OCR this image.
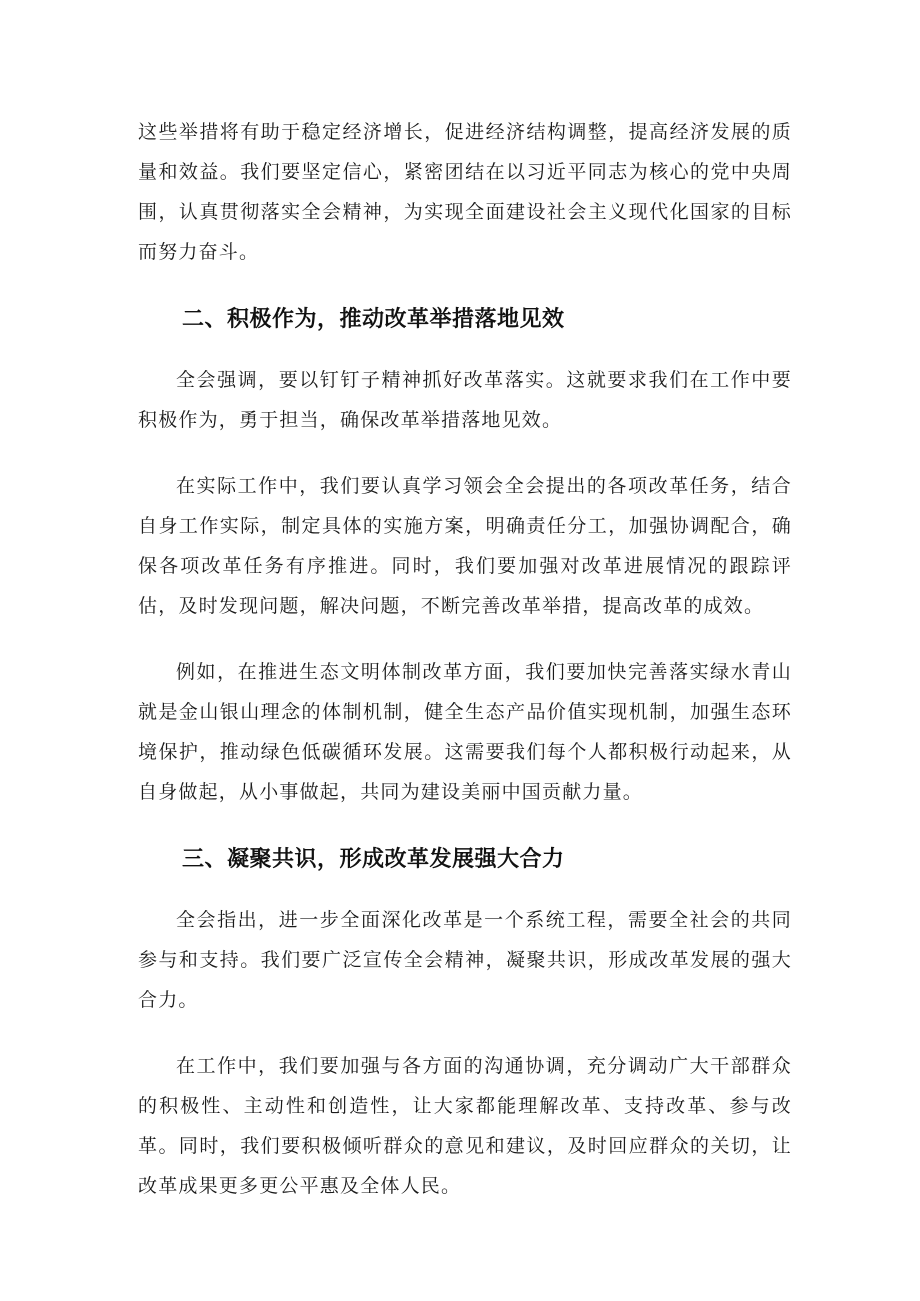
这些举措将有助于稳定经济增长，促进经济结构调整，提高经济发展的质量和效益。我们要坚定信心，紧密团结在以习近平同志为核心的党中央周围，认真贯彻落实全会精神，为实现全面建设社会主义现代化国家的目标而努力奋斗。

二、积极作为，推动改革举措落地见效

全会强调，要以钉钉子精神抓好改革落实。这就要求我们在工作中要积极作为，勇于担当，确保改革举措落地见效。

在实际工作中，我们要认真学习领会全会提出的各项改革任务，结合自身工作实际，制定具体的实施方案，明确责任分工，加强协调配合，确保各项改革任务有序推进。同时，我们要加强对改革进展情况的跟踪评估，及时发现问题，解决问题，不断完善改革举措，提高改革的成效。

例如，在推进生态文明体制改革方面，我们要加快完善落实绿水青山就是金山银山理念的体制机制，健全生态产品价值实现机制，加强生态环境保护，推动绿色低碳循环发展。这需要我们每个人都积极行动起来，从自身做起，从小事做起，共同为建设美丽中国贡献力量。

三、凝聚共识，形成改革发展强大合力

全会指出，进一步全面深化改革是一个系统工程，需要全社会的共同参与和支持。我们要广泛宣传全会精神，凝聚共识，形成改革发展的强大合力。

在工作中，我们要加强与各方面的沟通协调，充分调动广大干部群众的积极性、主动性和创造性，让大家都能理解改革、支持改革、参与改革。同时，我们要积极倾听群众的意见和建议，及时回应群众的关切，让改革成果更多更公平惠及全体人民。
